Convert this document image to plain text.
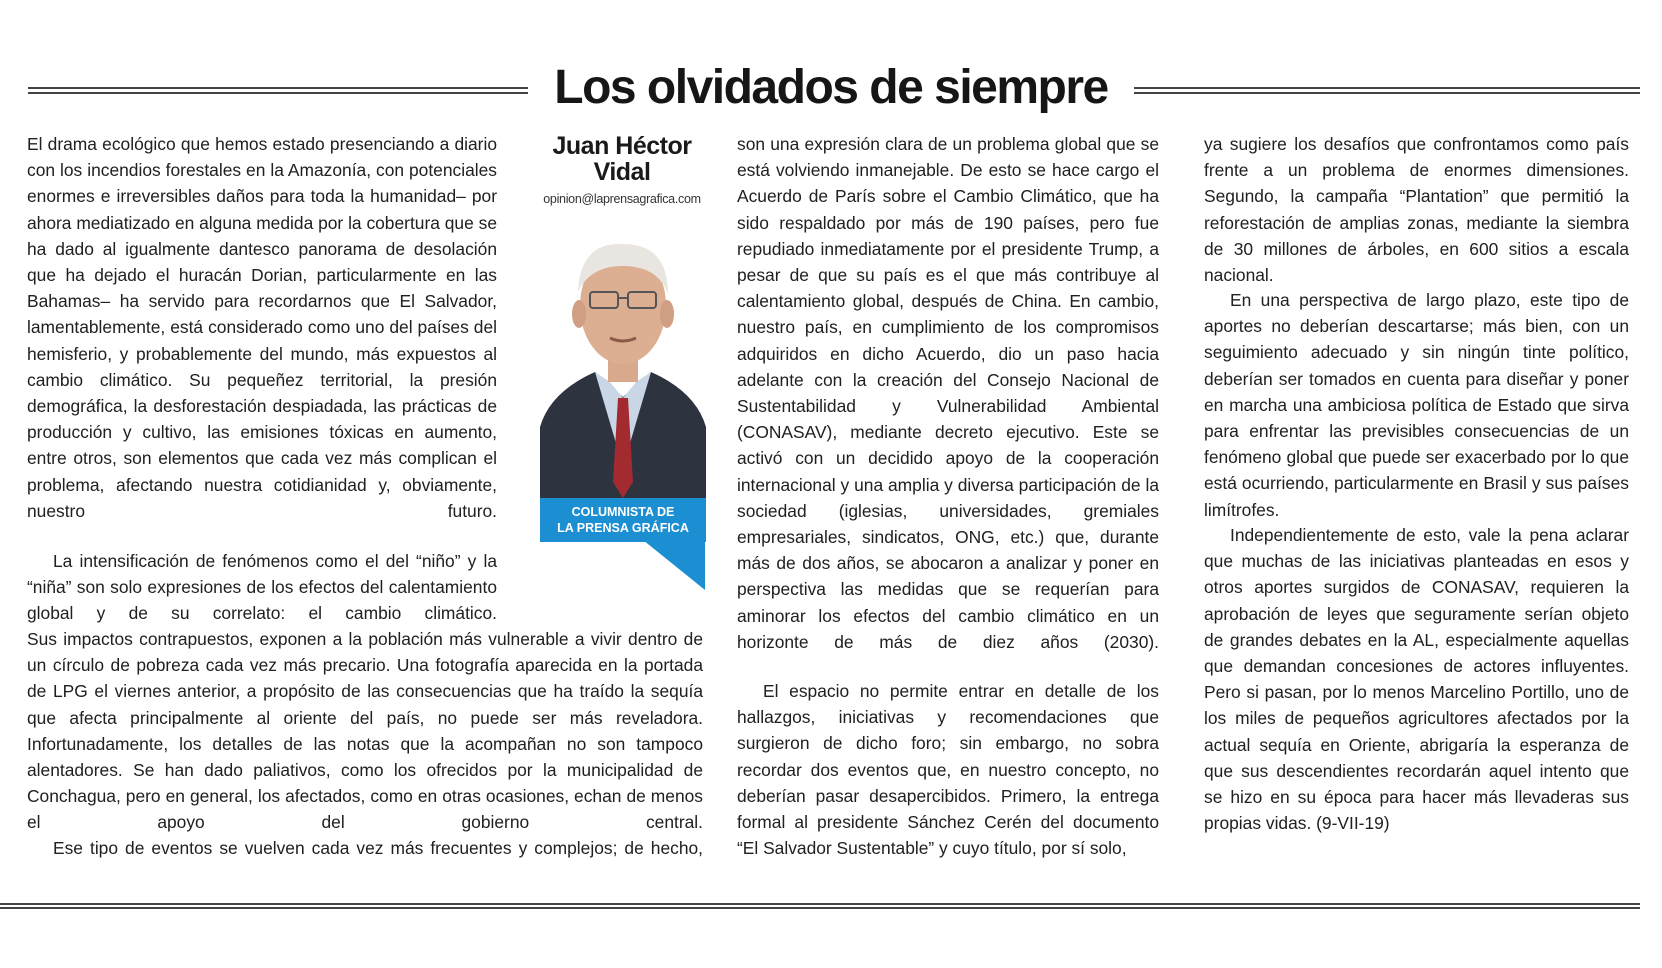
Los olvidados de siempre

El drama ecológico que hemos estado presenciando a diario con los incendios forestales en la Amazonía, con potenciales enormes e irreversibles daños para toda la humanidad– por ahora mediatizado en alguna medida por la cobertura que se ha dado al igualmente dantesco panorama de desolación que ha dejado el huracán Dorian, particularmente en las Bahamas– ha servido para recordarnos que El Salvador, lamentablemente, está considerado como uno del países del hemisferio, y probablemente del mundo, más expuestos al cambio climático. Su pequeñez territorial, la presión demográfica, la desforestación despiadada, las prácticas de producción y cultivo, las emisiones tóxicas en aumento, entre otros, son elementos que cada vez más complican el problema, afectando nuestra cotidianidad y, obviamente, nuestro futuro.

La intensificación de fenómenos como el del “niño” y la “niña” son solo expresiones de los efectos del calentamiento global y de su correlato: el cambio climático.

Sus impactos contrapuestos, exponen a la población más vulnerable a vivir dentro de un círculo de pobreza cada vez más precario. Una fotografía aparecida en la portada de LPG el viernes anterior, a propósito de las consecuencias que ha traído la sequía que afecta principalmente al oriente del país, no puede ser más reveladora. Infortunadamente, los detalles de las notas que la acompañan no son tampoco alentadores. Se han dado paliativos, como los ofrecidos por la municipalidad de Conchagua, pero en general, los afectados, como en otras ocasiones, echan de menos el apoyo del gobierno central.

Ese tipo de eventos se vuelven cada vez más frecuentes y complejos; de hecho,

Juan Héctor Vidal
opinion@laprensagrafica.com
COLUMNISTA DE
LA PRENSA GRÁFICA

son una expresión clara de un problema global que se está volviendo inmanejable. De esto se hace cargo el Acuerdo de París sobre el Cambio Climático, que ha sido respaldado por más de 190 países, pero fue repudiado inmediatamente por el presidente Trump, a pesar de que su país es el que más contribuye al calentamiento global, después de China. En cambio, nuestro país, en cumplimiento de los compromisos adquiridos en dicho Acuerdo, dio un paso hacia adelante con la creación del Consejo Nacional de Sustentabilidad y Vulnerabilidad Ambiental (CONASAV), mediante decreto ejecutivo. Este se activó con un decidido apoyo de la cooperación internacional y una amplia y diversa participación de la sociedad (iglesias, universidades, gremiales empresariales, sindicatos, ONG, etc.) que, durante más de dos años, se abocaron a analizar y poner en perspectiva las medidas que se requerían para aminorar los efectos del cambio climático en un horizonte de más de diez años (2030).

El espacio no permite entrar en detalle de los hallazgos, iniciativas y recomendaciones que surgieron de dicho foro; sin embargo, no sobra recordar dos eventos que, en nuestro concepto, no deberían pasar desapercibidos. Primero, la entrega formal al presidente Sánchez Cerén del documento “El Salvador Sustentable” y cuyo título, por sí solo,

ya sugiere los desafíos que confrontamos como país frente a un problema de enormes dimensiones. Segundo, la campaña “Plantation” que permitió la reforestación de amplias zonas, mediante la siembra de 30 millones de árboles, en 600 sitios a escala nacional.

En una perspectiva de largo plazo, este tipo de aportes no deberían descartarse; más bien, con un seguimiento adecuado y sin ningún tinte político, deberían ser tomados en cuenta para diseñar y poner en marcha una ambiciosa política de Estado que sirva para enfrentar las previsibles consecuencias de un fenómeno global que puede ser exacerbado por lo que está ocurriendo, particularmente en Brasil y sus países limítrofes.

Independientemente de esto, vale la pena aclarar que muchas de las iniciativas planteadas en esos y otros aportes surgidos de CONASAV, requieren la aprobación de leyes que seguramente serían objeto de grandes debates en la AL, especialmente aquellas que demandan concesiones de actores influyentes. Pero si pasan, por lo menos Marcelino Portillo, uno de los miles de pequeños agricultores afectados por la actual sequía en Oriente, abrigaría la esperanza de que sus descendientes recordarán aquel intento que se hizo en su época para hacer más llevaderas sus propias vidas. (9-VII-19)
